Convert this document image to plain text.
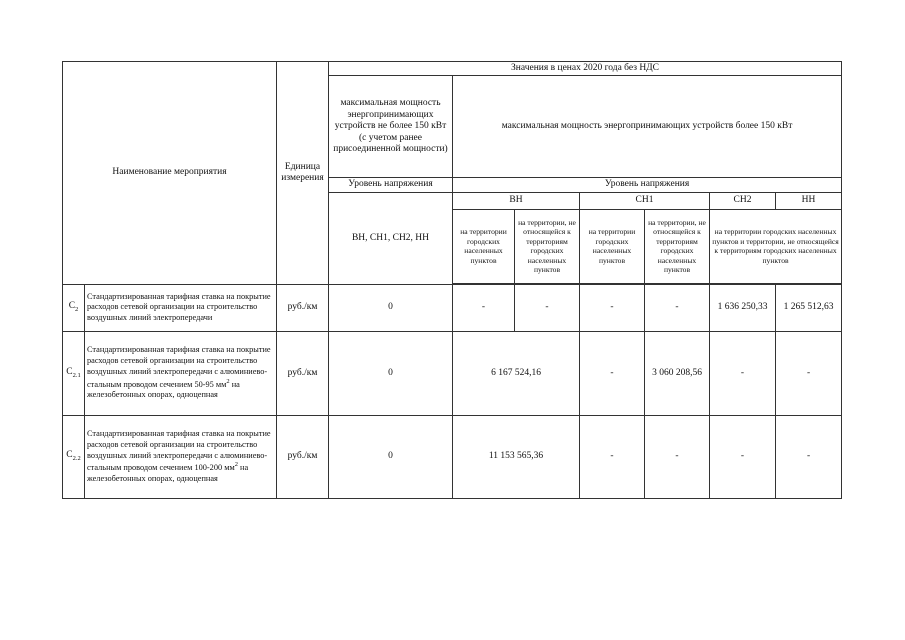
Наименование мероприятия		Единица измерения	Значения в ценах 2020 года без НДС						
			максимальная мощность энергопринимающих устройств не более 150 кВт (с учетом ранее присоединенной мощности)	максимальная мощность энергопринимающих устройств более 150 кВт					
			Уровень напряжения	Уровень напряжения					
			ВН, СН1, СН2, НН	ВН		СН1		СН2	НН
				на территории городских населенных пунктов	на территории, не относящейся к территориям городских населенных пунктов	на территории городских населенных пунктов	на территории, не относящейся к территориям городских населенных пунктов	на территории городских населенных пунктов и территории, не относящейся к территориям городских населенных пунктов	

$C_2$	Стандартизированная тарифная ставка на покрытие расходов сетевой организации на строительство воздушных линий электропередачи	руб./км	0	-	-	-	-	1 636 250,33	1 265 512,63
$C_{2.1}$	Стандартизированная тарифная ставка на покрытие расходов сетевой организации на строительство воздушных линий электропередачи с алюминиево-стальным проводом сечением 50-95 $мм^2$ на железобетонных опорах, одноцепная	руб./км	0	6 167 524,16		-	3 060 208,56	-	-
$C_{2.2}$	Стандартизированная тарифная ставка на покрытие расходов сетевой организации на строительство воздушных линий электропередачи с алюминиево-стальным проводом сечением 100-200 $мм^2$ на железобетонных опорах, одноцепная	руб./км	0	11 153 565,36		-	-	-	-
